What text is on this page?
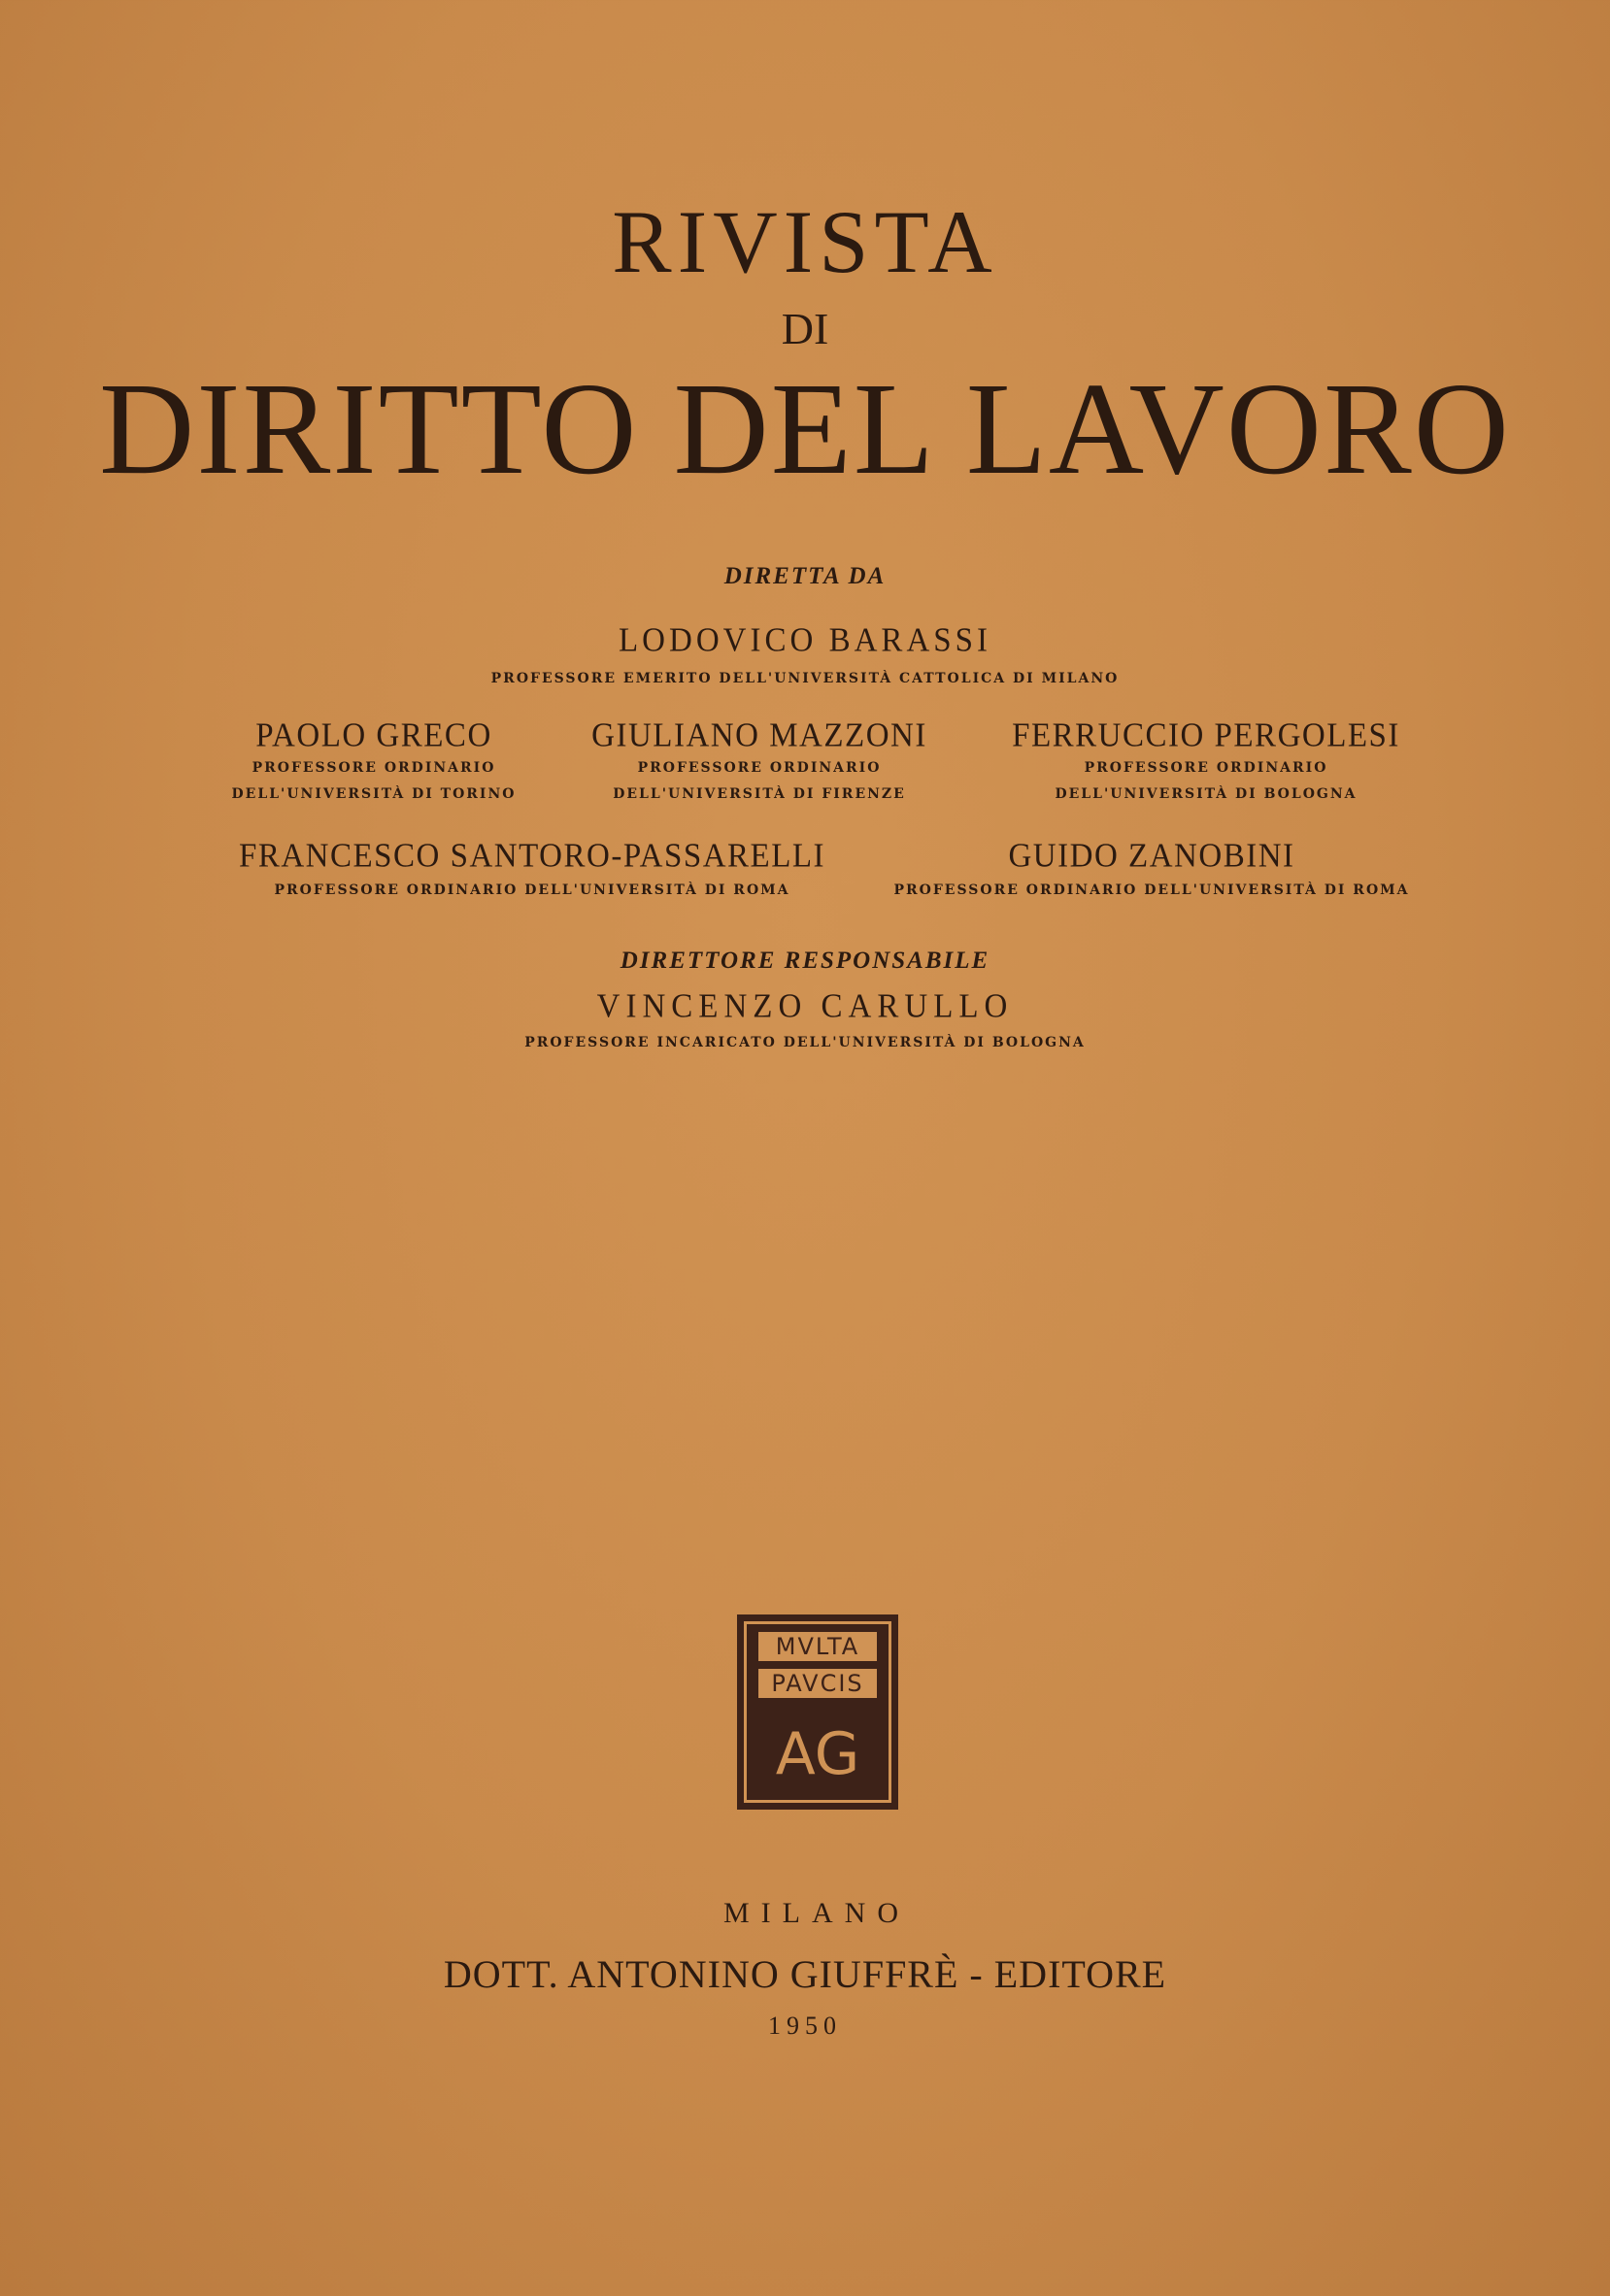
RIVISTA
DI
DIRITTO DEL LAVORO
DIRETTA DA
LODOVICO BARASSI
PROFESSORE EMERITO DELL'UNIVERSITÀ CATTOLICA DI MILANO
PAOLO GRECO
PROFESSORE ORDINARIO
DELL'UNIVERSITÀ DI TORINO
GIULIANO MAZZONI
PROFESSORE ORDINARIO
DELL'UNIVERSITÀ DI FIRENZE
FERRUCCIO PERGOLESI
PROFESSORE ORDINARIO
DELL'UNIVERSITÀ DI BOLOGNA
FRANCESCO SANTORO-PASSARELLI
PROFESSORE ORDINARIO DELL'UNIVERSITÀ DI ROMA
GUIDO ZANOBINI
PROFESSORE ORDINARIO DELL'UNIVERSITÀ DI ROMA
DIRETTORE RESPONSABILE
VINCENZO CARULLO
PROFESSORE INCARICATO DELL'UNIVERSITÀ DI BOLOGNA
MVLTA
PAVCIS
AG
MILANO
DOTT. ANTONINO GIUFFRÈ - EDITORE
1950
